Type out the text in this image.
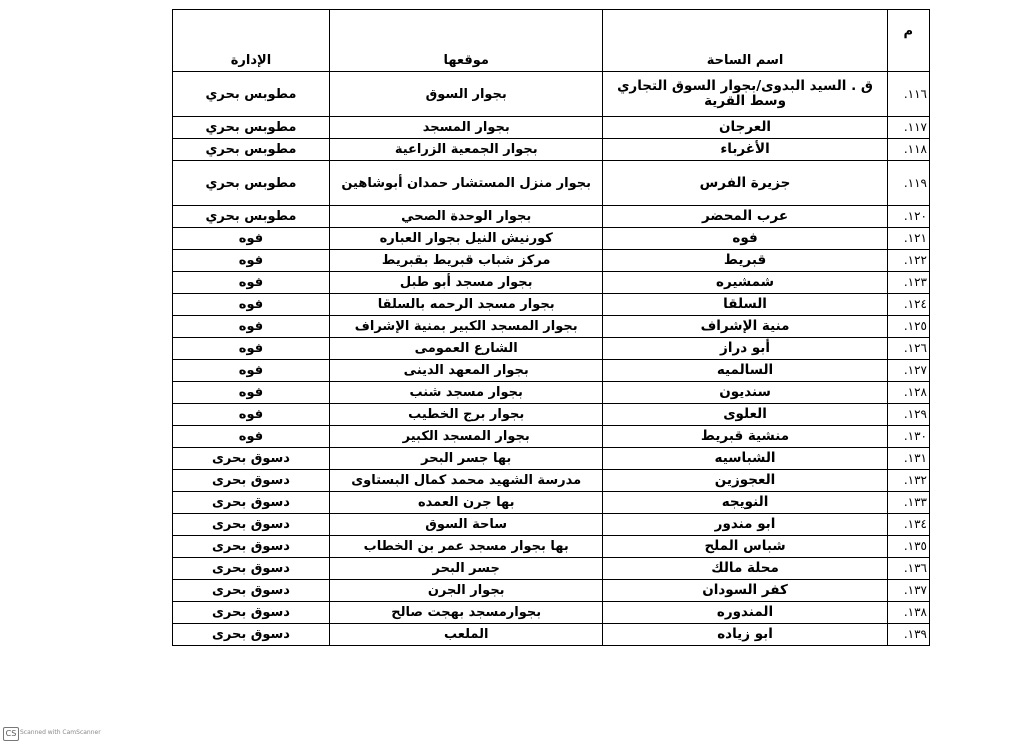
م	اسم الساحة	موقعها	الإدارة
١١٦.	ق . السيد البدوى/بجوار السوق التجاري وسط القرية	بجوار السوق	مطوبس بحري
١١٧.	العرجان	بجوار المسجد	مطوبس بحري
١١٨.	الأغرباء	بجوار الجمعية الزراعية	مطوبس بحري
١١٩.	جزيرة الفرس	بجوار منزل المستشار حمدان أبوشاهين	مطوبس بحري
١٢٠.	عرب المحضر	بجوار الوحدة الصحي	مطوبس بحري
١٢١.	فوه	كورنيش النيل بجوار العباره	فوه
١٢٢.	قبريط	مركز شباب قبريط بقبريط	فوه
١٢٣.	شمشيره	بجوار مسجد أبو طبل	فوه
١٢٤.	السلقا	بجوار مسجد الرحمه بالسلقا	فوه
١٢٥.	منية الإشراف	بجوار المسجد الكبير بمنية الإشراف	فوه
١٢٦.	أبو دراز	الشارع العمومى	فوه
١٢٧.	السالميه	بجوار المعهد الدينى	فوه
١٢٨.	سنديون	بجوار مسجد شنب	فوه
١٢٩.	العلوى	بجوار برج الخطيب	فوه
١٣٠.	منشية قبريط	بجوار المسجد الكبير	فوه
١٣١.	الشباسيه	بها جسر البحر	دسوق بحرى
١٣٢.	العجوزين	مدرسة الشهيد محمد كمال البستاوى	دسوق بحرى
١٣٣.	النويجه	بها جرن العمده	دسوق بحرى
١٣٤.	ابو مندور	ساحة السوق	دسوق بحرى
١٣٥.	شباس الملح	بها بجوار مسجد عمر بن الخطاب	دسوق بحرى
١٣٦.	محلة مالك	جسر البحر	دسوق بحرى
١٣٧.	كفر السودان	بجوار الجرن	دسوق بحرى
١٣٨.	المندوره	بجوارمسجد بهجت صالح	دسوق بحرى
١٣٩.	ابو زياده	الملعب	دسوق بحرى
CS Scanned with CamScanner
